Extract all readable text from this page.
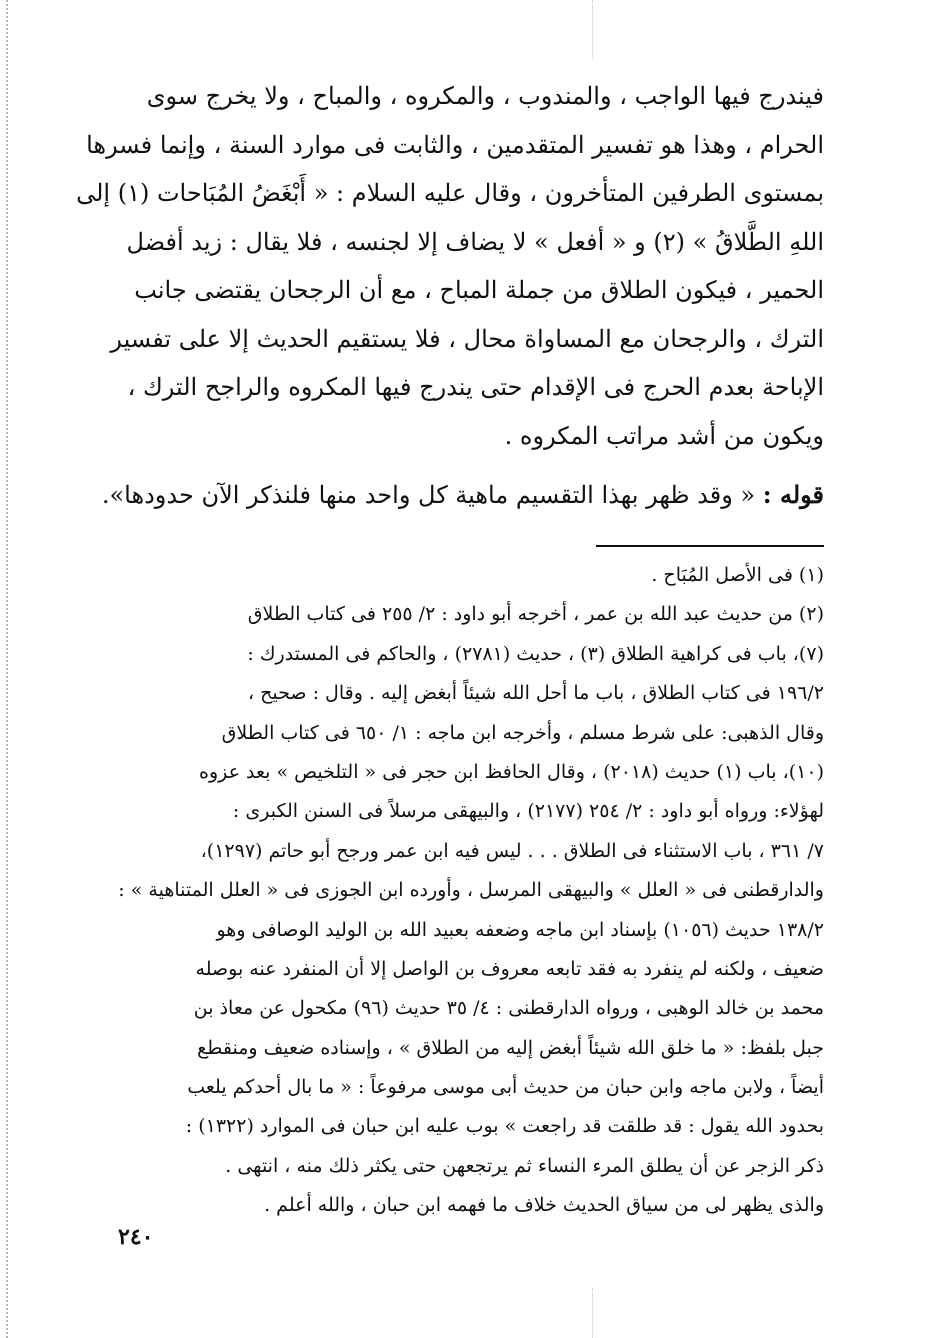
فيندرج فيها الواجب ، والمندوب ، والمكروه ، والمباح ، ولا يخرج سوى
الحرام ، وهذا هو تفسير المتقدمين ، والثابت فى موارد السنة ، وإنما فسرها
بمستوى الطرفين المتأخرون ، وقال عليه السلام : « أَبْغَضُ المُبَاحات (١) إلى
اللهِ الطَّلاقُ » (٢) و « أفعل » لا يضاف إلا لجنسه ، فلا يقال : زيد أفضل
الحمير ، فيكون الطلاق من جملة المباح ، مع أن الرجحان يقتضى جانب
الترك ، والرجحان مع المساواة محال ، فلا يستقيم الحديث إلا على تفسير
الإباحة بعدم الحرج فى الإقدام حتى يندرج فيها المكروه والراجح الترك ،
ويكون من أشد مراتب المكروه .
قوله : « وقد ظهر بهذا التقسيم ماهية كل واحد منها فلنذكر الآن حدودها».
(١) فى الأصل المُبَاح .
(٢) من حديث عبد الله بن عمر ، أخرجه أبو داود : ٢/ ٢٥٥ فى كتاب الطلاق
(٧)، باب فى كراهية الطلاق (٣) ، حديث (٢٧٨١) ، والحاكم فى المستدرك :
١٩٦/٢ فى كتاب الطلاق ، باب ما أحل الله شيئاً أبغض إليه . وقال : صحيح ،
وقال الذهبى: على شرط مسلم ، وأخرجه ابن ماجه : ١/ ٦٥٠ فى كتاب الطلاق
(١٠)، باب (١) حديث (٢٠١٨) ، وقال الحافظ ابن حجر فى « التلخيص » بعد عزوه
لهؤلاء: ورواه أبو داود : ٢/ ٢٥٤ (٢١٧٧) ، والبيهقى مرسلاً فى السنن الكبرى :
٧/ ٣٦١ ، باب الاستثناء فى الطلاق . . . ليس فيه ابن عمر ورجح أبو حاتم (١٢٩٧)،
والدارقطنى فى « العلل » والبيهقى المرسل ، وأورده ابن الجوزى فى « العلل المتناهية » :
١٣٨/٢ حديث (١٠٥٦) بإسناد ابن ماجه وضعفه بعبيد الله بن الوليد الوصافى وهو
ضعيف ، ولكنه لم ينفرد به فقد تابعه معروف بن الواصل إلا أن المنفرد عنه بوصله
محمد بن خالد الوهبى ، ورواه الدارقطنى : ٤/ ٣٥ حديث (٩٦) مكحول عن معاذ بن
جبل بلفظ: « ما خلق الله شيئاً أبغض إليه من الطلاق » ، وإسناده ضعيف ومنقطع
أيضاً ، ولابن ماجه وابن حبان من حديث أبى موسى مرفوعاً : « ما بال أحدكم يلعب
بحدود الله يقول : قد طلقت قد راجعت » بوب عليه ابن حبان فى الموارد (١٣٢٢) :
ذكر الزجر عن أن يطلق المرء النساء ثم يرتجعهن حتى يكثر ذلك منه ، انتهى .
والذى يظهر لى من سياق الحديث خلاف ما فهمه ابن حبان ، والله أعلم .
٢٤٠
